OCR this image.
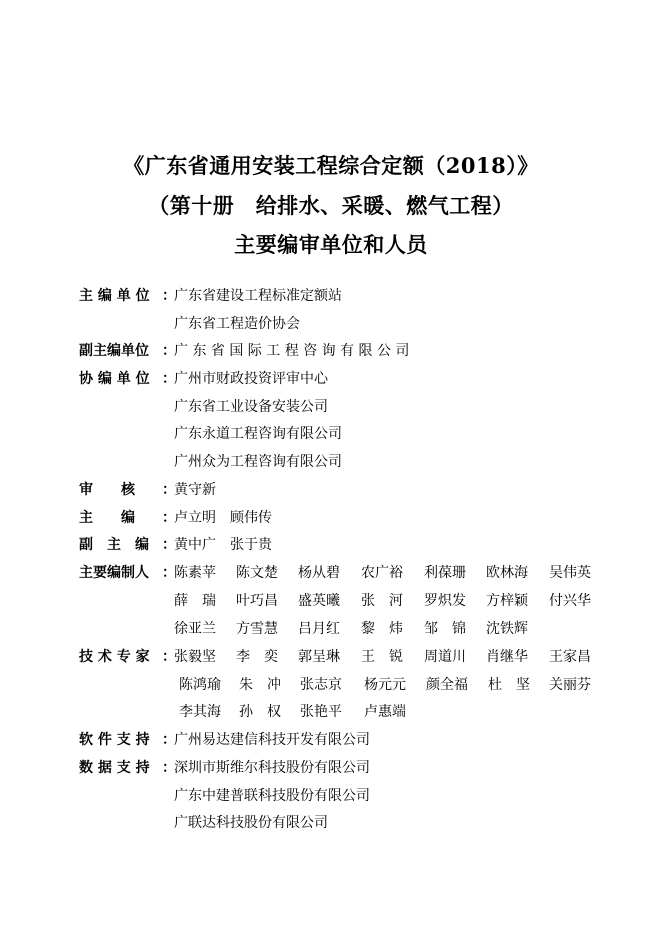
《广东省通用安装工程综合定额（2018）》
（第十册　给排水、采暖、燃气工程）
主要编审单位和人员
主 编 单 位 ：
广东省建设工程标准定额站
广东省工程造价协会
副主编单位 ：
广 东 省 国 际 工 程 咨 询 有 限 公 司
协 编 单 位 ：
广州市财政投资评审中心
广东省工业设备安装公司
广东永道工程咨询有限公司
广州众为工程咨询有限公司
审　　核 ：
黄守新
主　　编 ：
卢立明　顾伟传
副　主　编 ：
黄中广　张于贵
主要编制人 ：
陈素苹 陈文楚 杨从碧 农广裕 利葆珊 欧林海 吴伟英
薛　瑞 叶巧昌 盛英曦 张　河 罗炽发 方梓颖 付兴华
徐亚兰 方雪慧 吕月红 黎　炜 邹　锦 沈铁辉
技 术 专 家 ：
张毅坚 李　奕 郭呈琳 王　锐 周道川 肖继华 王家昌
陈鸿瑜 朱　冲 张志京 杨元元 颜全福 杜　坚 关丽芬
李其海 孙　权 张艳平 卢惠端
软 件 支 持 ：
广州易达建信科技开发有限公司
数 据 支 持 ：
深圳市斯维尔科技股份有限公司
广东中建普联科技股份有限公司
广联达科技股份有限公司
